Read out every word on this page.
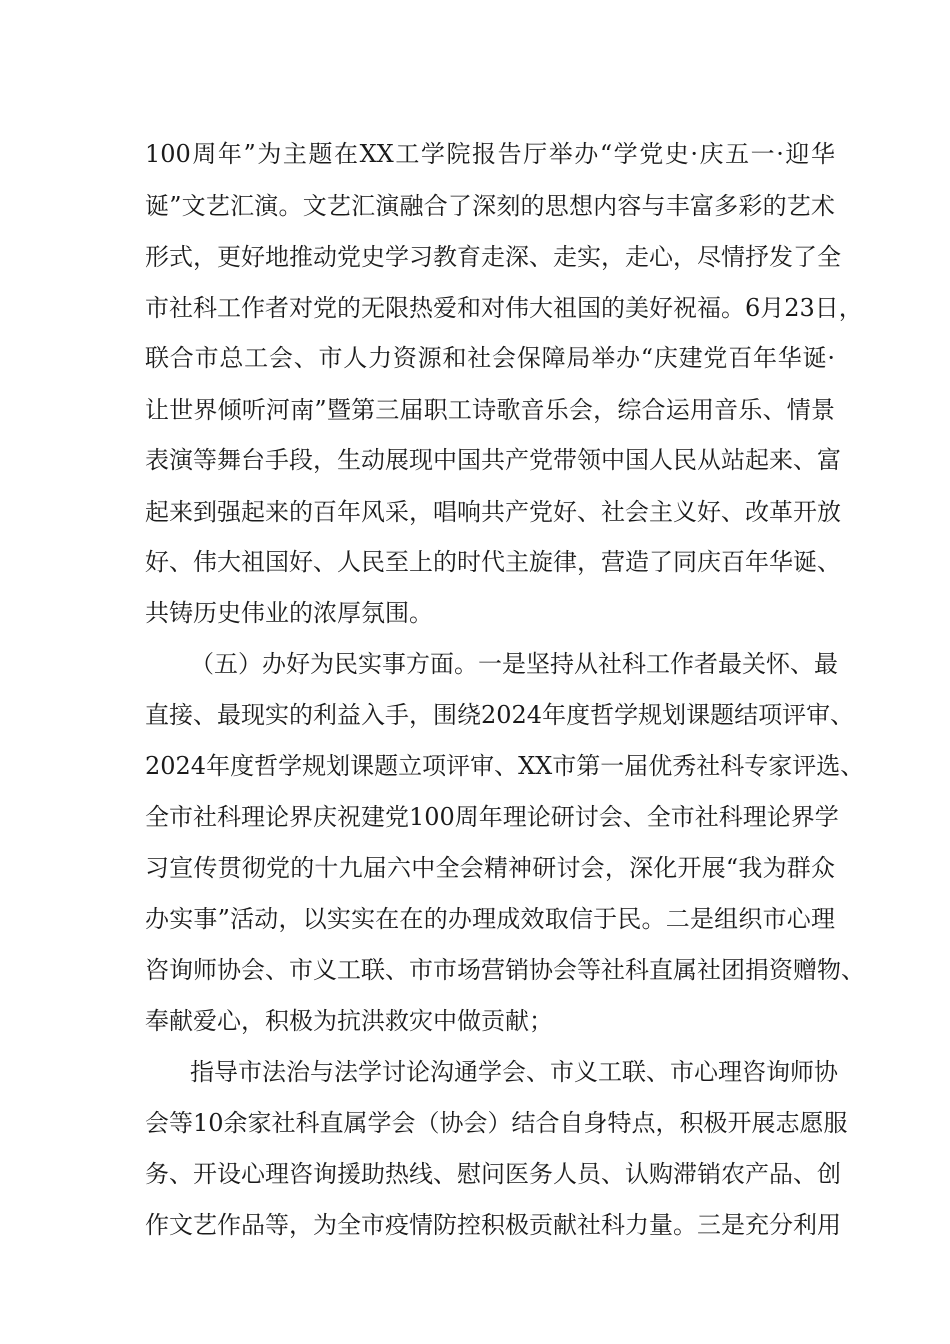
100周年”为主题在XX工学院报告厅举办“学党史·庆五一·迎华
诞”文艺汇演。文艺汇演融合了深刻的思想内容与丰富多彩的艺术
形式，更好地推动党史学习教育走深、走实，走心，尽情抒发了全
市社科工作者对党的无限热爱和对伟大祖国的美好祝福。6月23日，
联合市总工会、市人力资源和社会保障局举办“庆建党百年华诞·
让世界倾听河南”暨第三届职工诗歌音乐会，综合运用音乐、情景
表演等舞台手段，生动展现中国共产党带领中国人民从站起来、富
起来到强起来的百年风采，唱响共产党好、社会主义好、改革开放
好、伟大祖国好、人民至上的时代主旋律，营造了同庆百年华诞、
共铸历史伟业的浓厚氛围。
（五）办好为民实事方面。一是坚持从社科工作者最关怀、最
直接、最现实的利益入手，围绕2024年度哲学规划课题结项评审、
2024年度哲学规划课题立项评审、XX市第一届优秀社科专家评选、
全市社科理论界庆祝建党100周年理论研讨会、全市社科理论界学
习宣传贯彻党的十九届六中全会精神研讨会，深化开展“我为群众
办实事”活动，以实实在在的办理成效取信于民。二是组织市心理
咨询师协会、市义工联、市市场营销协会等社科直属社团捐资赠物、
奉献爱心，积极为抗洪救灾中做贡献；
指导市法治与法学讨论沟通学会、市义工联、市心理咨询师协
会等10余家社科直属学会（协会）结合自身特点，积极开展志愿服
务、开设心理咨询援助热线、慰问医务人员、认购滞销农产品、创
作文艺作品等，为全市疫情防控积极贡献社科力量。三是充分利用
